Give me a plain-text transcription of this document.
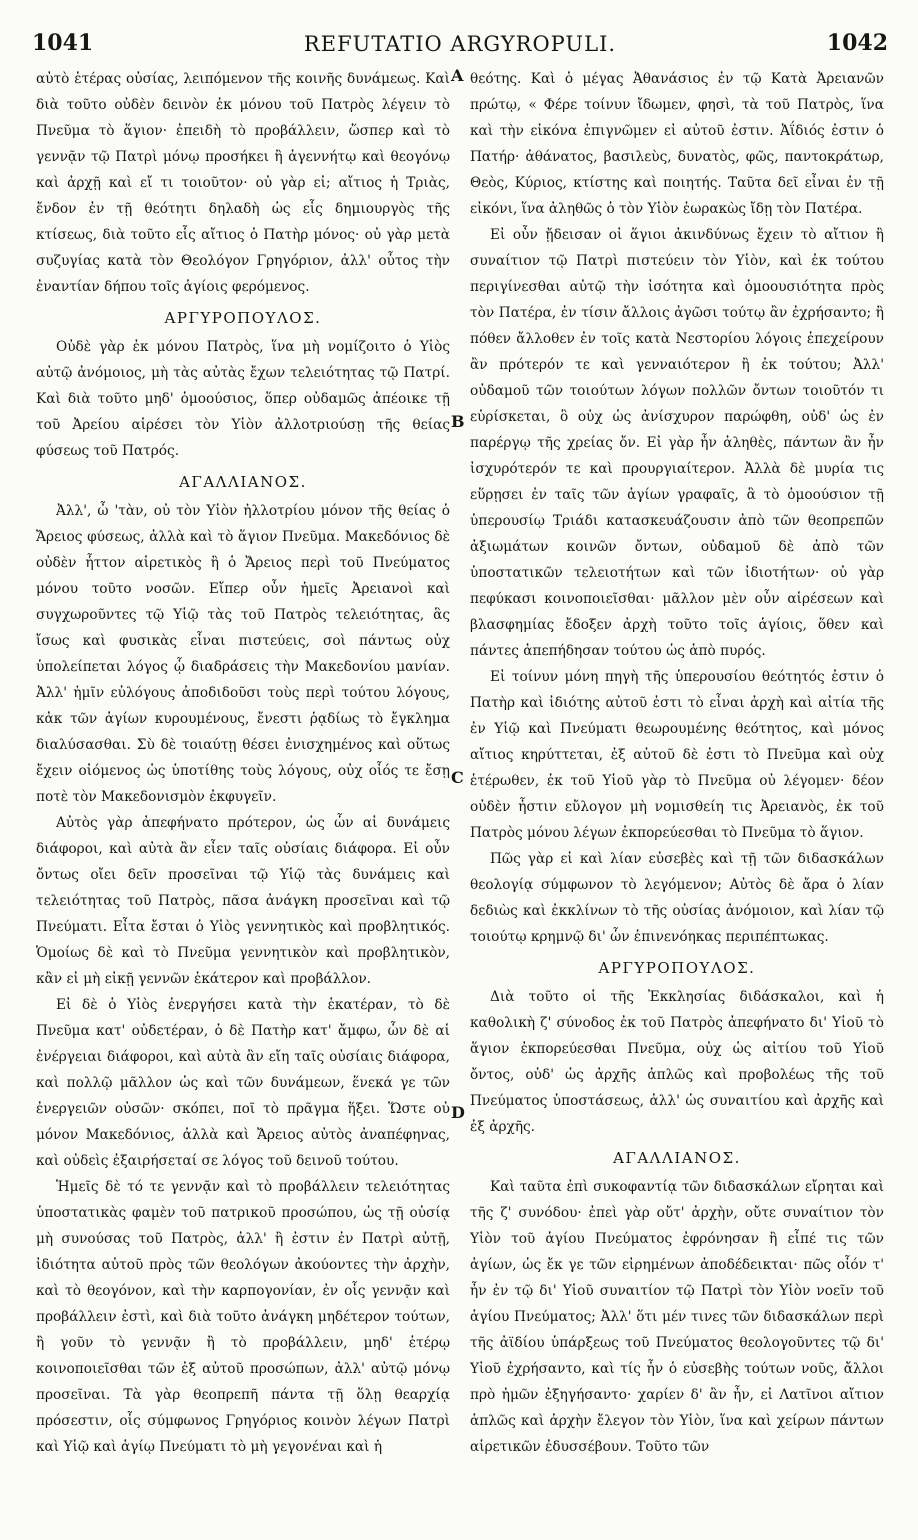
1041	REFUTATIO ARGYROPULI.	1042

αὐτὸ ἑτέρας οὐσίας, λειπόμενον τῆς κοινῆς δυνάμεως. Καὶ διὰ τοῦτο οὐδὲν δεινὸν ἐκ μόνου τοῦ Πατρὸς λέγειν τὸ Πνεῦμα τὸ ἅγιον· ἐπειδὴ τὸ προβάλλειν, ὥσπερ καὶ τὸ γεννᾷν τῷ Πατρὶ μόνῳ προσήκει ἢ ἀγεννήτῳ καὶ θεογόνῳ καὶ ἀρχῇ καὶ εἴ τι τοιοῦτον· οὐ γὰρ εἰ; αἴτιος ἡ Τριὰς, ἔνδον ἐν τῇ θεότητι δηλαδὴ ὡς εἷς δημιουργὸς τῆς κτίσεως, διὰ τοῦτο εἷς αἴτιος ὁ Πατὴρ μόνος· οὐ γὰρ μετὰ συζυγίας κατὰ τὸν Θεολόγον Γρηγόριον, ἀλλ' οὗτος τὴν ἐναντίαν δήπου τοῖς ἁγίοις φερόμενος.

ΑΡΓΥΡΟΠΟΥΛΟΣ.

Οὐδὲ γὰρ ἐκ μόνου Πατρὸς, ἵνα μὴ νομίζοιτο ὁ Υἱὸς αὐτῷ ἀνόμοιος, μὴ τὰς αὐτὰς ἔχων τελειότητας τῷ Πατρί. Καὶ διὰ τοῦτο μηδ' ὁμοούσιος, ὅπερ οὐδαμῶς ἀπέοικε τῇ τοῦ Ἀρείου αἱρέσει τὸν Υἱὸν ἀλλοτριούσῃ τῆς θείας φύσεως τοῦ Πατρός.

ΑΓΑΛΛΙΑΝΟΣ.

Ἀλλ', ὦ 'τὰν, οὐ τὸν Υἱὸν ἠλλοτρίου μόνον τῆς θείας ὁ Ἄρειος φύσεως, ἀλλὰ καὶ τὸ ἅγιον Πνεῦμα. Μακεδόνιος δὲ οὐδὲν ἧττον αἱρετικὸς ἢ ὁ Ἄρειος περὶ τοῦ Πνεύματος μόνου τοῦτο νοσῶν. Εἴπερ οὖν ἡμεῖς Ἀρειανοὶ καὶ συγχωροῦντες τῷ Υἱῷ τὰς τοῦ Πατρὸς τελειότητας, ἃς ἴσως καὶ φυσικὰς εἶναι πιστεύεις, σοὶ πάντως οὐχ ὑπολείπεται λόγος ᾧ διαδράσεις τὴν Μακεδονίου μανίαν. Ἀλλ' ἡμῖν εὐλόγους ἀποδιδοῦσι τοὺς περὶ τούτου λόγους, κἀκ τῶν ἁγίων κυρουμένους, ἔνεστι ῥᾳδίως τὸ ἔγκλημα διαλύσασθαι. Σὺ δὲ τοιαύτῃ θέσει ἐνισχημένος καὶ οὕτως ἔχειν οἰόμενος ὡς ὑποτίθης τοὺς λόγους, οὐχ οἷός τε ἔσῃ ποτὲ τὸν Μακεδονισμὸν ἐκφυγεῖν.

Αὐτὸς γὰρ ἀπεφήνατο πρότερον, ὡς ὧν αἱ δυνάμεις διάφοροι, καὶ αὐτὰ ἂν εἶεν ταῖς οὐσίαις διάφορα. Εἰ οὖν ὄντως οἴει δεῖν προσεῖναι τῷ Υἱῷ τὰς δυνάμεις καὶ τελειότητας τοῦ Πατρὸς, πᾶσα ἀνάγκη προσεῖναι καὶ τῷ Πνεύματι. Εἶτα ἔσται ὁ Υἱὸς γεννητικὸς καὶ προβλητικός. Ὁμοίως δὲ καὶ τὸ Πνεῦμα γεννητικὸν καὶ προβλητικὸν, κἂν εἰ μὴ εἰκῇ γεννῶν ἑκάτερον καὶ προβάλλον.

Εἰ δὲ ὁ Υἱὸς ἐνεργήσει κατὰ τὴν ἑκατέραν, τὸ δὲ Πνεῦμα κατ' οὐδετέραν, ὁ δὲ Πατὴρ κατ' ἄμφω, ὧν δὲ αἱ ἐνέργειαι διάφοροι, καὶ αὐτὰ ἂν εἴη ταῖς οὐσίαις διάφορα, καὶ πολλῷ μᾶλλον ὡς καὶ τῶν δυνάμεων, ἕνεκά γε τῶν ἐνεργειῶν οὐσῶν· σκόπει, ποῖ τὸ πρᾶγμα ἥξει. Ὥστε οὐ μόνον Μακεδόνιος, ἀλλὰ καὶ Ἄρειος αὐτὸς ἀναπέφηνας, καὶ οὐδεὶς ἐξαιρήσεταί σε λόγος τοῦ δεινοῦ τούτου.

Ἡμεῖς δὲ τό τε γεννᾷν καὶ τὸ προβάλλειν τελειότητας ὑποστατικὰς φαμὲν τοῦ πατρικοῦ προσώπου, ὡς τῇ οὐσίᾳ μὴ συνούσας τοῦ Πατρὸς, ἀλλ' ἢ ἐστιν ἐν Πατρὶ αὐτῇ, ἰδιότητα αὐτοῦ πρὸς τῶν θεολόγων ἀκούοντες τὴν ἀρχὴν, καὶ τὸ θεογόνον, καὶ τὴν καρπογονίαν, ἐν οἷς γεννᾷν καὶ προβάλλειν ἐστὶ, καὶ διὰ τοῦτο ἀνάγκη μηδέτερον τούτων, ἢ γοῦν τὸ γεννᾷν ἢ τὸ προβάλλειν, μηδ' ἑτέρῳ κοινοποιεῖσθαι τῶν ἐξ αὐτοῦ προσώπων, ἀλλ' αὐτῷ μόνῳ προσεῖναι. Τὰ γὰρ θεοπρεπῆ πάντα τῇ ὅλῃ θεαρχίᾳ πρόσεστιν, οἷς σύμφωνος Γρηγόριος κοινὸν λέγων Πατρὶ καὶ Υἱῷ καὶ ἁγίῳ Πνεύματι τὸ μὴ γεγονέναι καὶ ἡ

A
B
C
D

θεότης. Καὶ ὁ μέγας Ἀθανάσιος ἐν τῷ Κατὰ Ἀρειανῶν πρώτῳ, « Φέρε τοίνυν ἴδωμεν, φησὶ, τὰ τοῦ Πατρὸς, ἵνα καὶ τὴν εἰκόνα ἐπιγνῶμεν εἰ αὐτοῦ ἐστιν. Ἀΐδιός ἐστιν ὁ Πατήρ· ἀθάνατος, βασιλεὺς, δυνατὸς, φῶς, παντοκράτωρ, Θεὸς, Κύριος, κτίστης καὶ ποιητής. Ταῦτα δεῖ εἶναι ἐν τῇ εἰκόνι, ἵνα ἀληθῶς ὁ τὸν Υἱὸν ἑωρακὼς ἴδῃ τὸν Πατέρα.

Εἰ οὖν ᾔδεισαν οἱ ἅγιοι ἀκινδύνως ἔχειν τὸ αἴτιον ἢ συναίτιον τῷ Πατρὶ πιστεύειν τὸν Υἱὸν, καὶ ἐκ τούτου περιγίνεσθαι αὐτῷ τὴν ἰσότητα καὶ ὁμοουσιότητα πρὸς τὸν Πατέρα, ἐν τίσιν ἄλλοις ἀγῶσι τούτῳ ἂν ἐχρήσαντο; ἢ πόθεν ἄλλοθεν ἐν τοῖς κατὰ Νεστορίου λόγοις ἐπεχείρουν ἂν πρότερόν τε καὶ γενναιότερον ἢ ἐκ τούτου; Ἀλλ' οὐδαμοῦ τῶν τοιούτων λόγων πολλῶν ὄντων τοιοῦτόν τι εὑρίσκεται, ὃ οὐχ ὡς ἀνίσχυρον παρώφθη, οὐδ' ὡς ἐν παρέργῳ τῆς χρείας ὄν. Εἰ γὰρ ἦν ἀληθὲς, πάντων ἂν ἦν ἰσχυρότερόν τε καὶ προυργιαίτερον. Ἀλλὰ δὲ μυρία τις εὕρῃσει ἐν ταῖς τῶν ἁγίων γραφαῖς, ἃ τὸ ὁμοούσιον τῇ ὑπερουσίῳ Τριάδι κατασκευάζουσιν ἀπὸ τῶν θεοπρεπῶν ἀξιωμάτων κοινῶν ὄντων, οὐδαμοῦ δὲ ἀπὸ τῶν ὑποστατικῶν τελειοτήτων καὶ τῶν ἰδιοτήτων· οὐ γὰρ πεφύκασι κοινοποιεῖσθαι· μᾶλλον μὲν οὖν αἱρέσεων καὶ βλασφημίας ἔδοξεν ἀρχὴ τοῦτο τοῖς ἁγίοις, ὅθεν καὶ πάντες ἀπεπήδησαν τούτου ὡς ἀπὸ πυρός.

Εἰ τοίνυν μόνη πηγὴ τῆς ὑπερουσίου θεότητός ἐστιν ὁ Πατὴρ καὶ ἰδιότης αὐτοῦ ἐστι τὸ εἶναι ἀρχὴ καὶ αἰτία τῆς ἐν Υἱῷ καὶ Πνεύματι θεωρουμένης θεότητος, καὶ μόνος αἴτιος κηρύττεται, ἐξ αὐτοῦ δὲ ἐστι τὸ Πνεῦμα καὶ οὐχ ἑτέρωθεν, ἐκ τοῦ Υἱοῦ γὰρ τὸ Πνεῦμα οὐ λέγομεν· δέον οὐδὲν ἦστιν εὔλογον μὴ νομισθείη τις Ἀρειανὸς, ἐκ τοῦ Πατρὸς μόνου λέγων ἐκπορεύεσθαι τὸ Πνεῦμα τὸ ἅγιον.

Πῶς γὰρ εἰ καὶ λίαν εὐσεβὲς καὶ τῇ τῶν διδασκάλων θεολογίᾳ σύμφωνον τὸ λεγόμενον; Αὐτὸς δὲ ἄρα ὁ λίαν δεδιὼς καὶ ἐκκλίνων τὸ τῆς οὐσίας ἀνόμοιον, καὶ λίαν τῷ τοιούτῳ κρημνῷ δι' ὧν ἐπινενόηκας περιπέπτωκας.

ΑΡΓΥΡΟΠΟΥΛΟΣ.

Διὰ τοῦτο οἱ τῆς Ἐκκλησίας διδάσκαλοι, καὶ ἡ καθολικὴ ζ' σύνοδος ἐκ τοῦ Πατρὸς ἀπεφήνατο δι' Υἱοῦ τὸ ἅγιον ἐκπορεύεσθαι Πνεῦμα, οὐχ ὡς αἰτίου τοῦ Υἱοῦ ὄντος, οὐδ' ὡς ἀρχῆς ἁπλῶς καὶ προβολέως τῆς τοῦ Πνεύματος ὑποστάσεως, ἀλλ' ὡς συναιτίου καὶ ἀρχῆς καὶ ἐξ ἀρχῆς.

ΑΓΑΛΛΙΑΝΟΣ.

Καὶ ταῦτα ἐπὶ συκοφαντίᾳ τῶν διδασκάλων εἴρηται καὶ τῆς ζ' συνόδου· ἐπεὶ γὰρ οὔτ' ἀρχὴν, οὔτε συναίτιον τὸν Υἱὸν τοῦ ἁγίου Πνεύματος ἐφρόνησαν ἢ εἶπέ τις τῶν ἁγίων, ὡς ἔκ γε τῶν εἰρημένων ἀποδέδεικται· πῶς οἷόν τ' ἦν ἐν τῷ δι' Υἱοῦ συναιτίον τῷ Πατρὶ τὸν Υἱὸν νοεῖν τοῦ ἁγίου Πνεύματος; Ἀλλ' ὅτι μέν τινες τῶν διδασκάλων περὶ τῆς ἀϊδίου ὑπάρξεως τοῦ Πνεύματος θεολογοῦντες τῷ δι' Υἱοῦ ἐχρήσαντο, καὶ τίς ἦν ὁ εὐσεβὴς τούτων νοῦς, ἄλλοι πρὸ ἡμῶν ἐξηγήσαντο· χαρίεν δ' ἂν ἦν, εἰ Λατῖνοι αἴτιον ἁπλῶς καὶ ἀρχὴν ἔλεγον τὸν Υἱὸν, ἵνα καὶ χείρων πάντων αἱρετικῶν ἐδυσσέβουν. Τοῦτο τῶν
